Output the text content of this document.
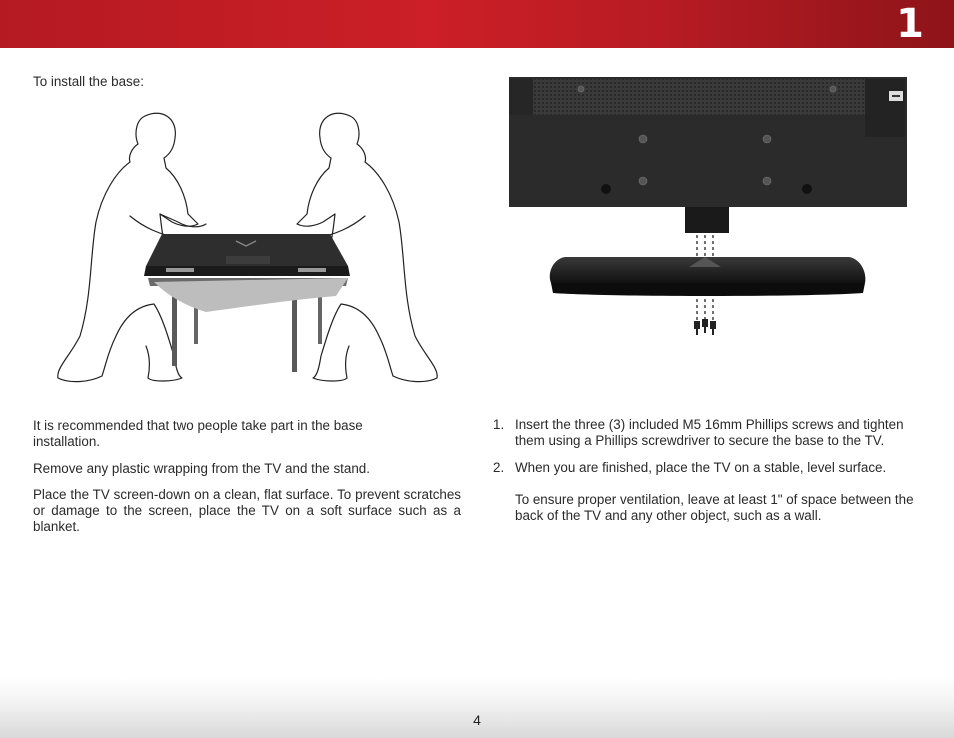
1
To install the base:
It is recommended that two people take part in the base installation.
Remove any plastic wrapping from the TV and the stand.
Place the TV screen-down on a clean, flat surface. To prevent scratches or damage to the screen, place the TV on a soft surface such as a blanket.
1. Insert the three (3) included M5 16mm Phillips screws and tighten them using a Phillips screwdriver to secure the base to the TV.
2. When you are finished, place the TV on a stable, level surface.
To ensure proper ventilation, leave at least 1" of space between the back of the TV and any other object, such as a wall.
4
